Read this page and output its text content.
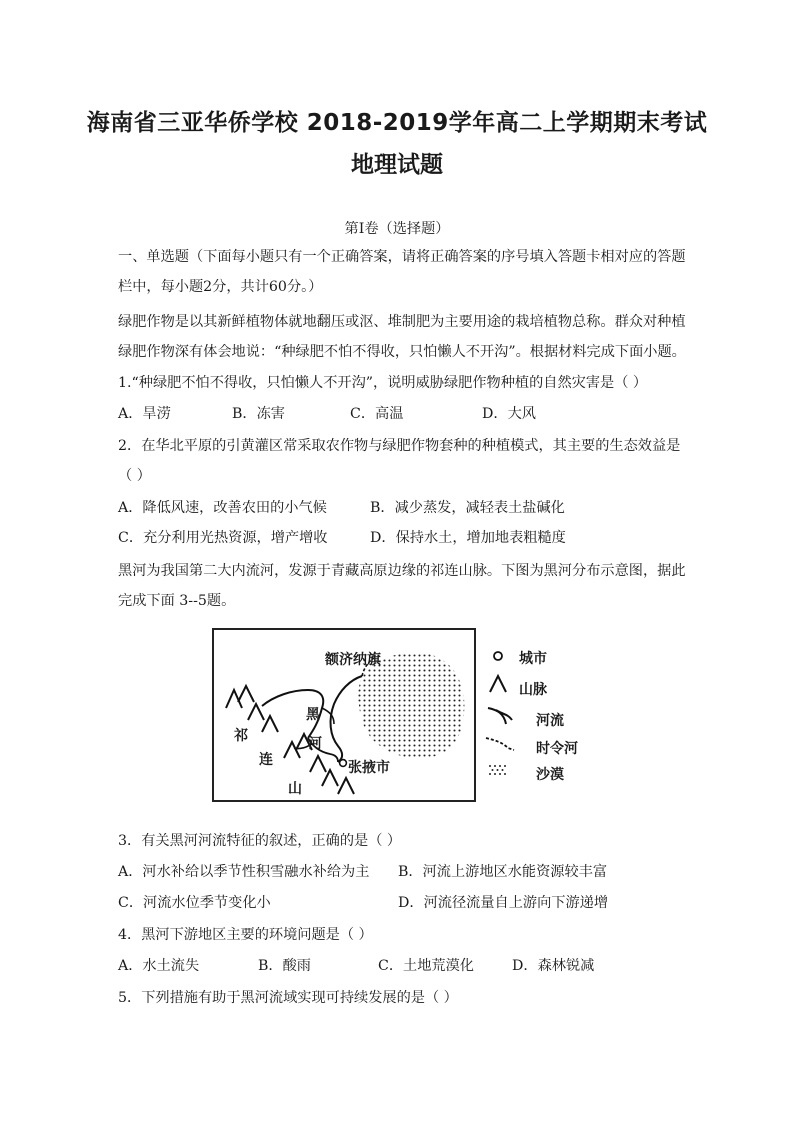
海南省三亚华侨学校 2018-2019学年高二上学期期末考试
地理试题
第I卷（选择题）
一、单选题（下面每小题只有一个正确答案，请将正确答案的序号填入答题卡相对应的答题
栏中，每小题2分，共计60分。）
绿肥作物是以其新鲜植物体就地翻压或沤、堆制肥为主要用途的栽培植物总称。群众对种植
绿肥作物深有体会地说：“种绿肥不怕不得收，只怕懒人不开沟”。根据材料完成下面小题。
1.“种绿肥不怕不得收，只怕懒人不开沟”，说明威胁绿肥作物种植的自然灾害是（ ）
A．旱涝	B．冻害	C．高温	D．大风
2．在华北平原的引黄灌区常采取农作物与绿肥作物套种的种植模式，其主要的生态效益是
（ ）
A．降低风速，改善农田的小气候	B．减少蒸发，减轻表土盐碱化
C．充分利用光热资源，增产增收	D．保持水土，增加地表粗糙度
黑河为我国第二大内流河，发源于青藏高原边缘的祁连山脉。下图为黑河分布示意图，据此
完成下面 3--5题。
额济纳旗
黑
河
祁
连
山
张掖市
城市
山脉
河流
时令河
沙漠
3．有关黑河河流特征的叙述，正确的是（ ）
A．河水补给以季节性积雪融水补给为主 B．河流上游地区水能资源较丰富
C．河流水位季节变化小	D．河流径流量自上游向下游递增
4．黑河下游地区主要的环境问题是（ ）
A．水土流失	B．酸雨	C．土地荒漠化	D．森林锐减
5．下列措施有助于黑河流域实现可持续发展的是（ ）
